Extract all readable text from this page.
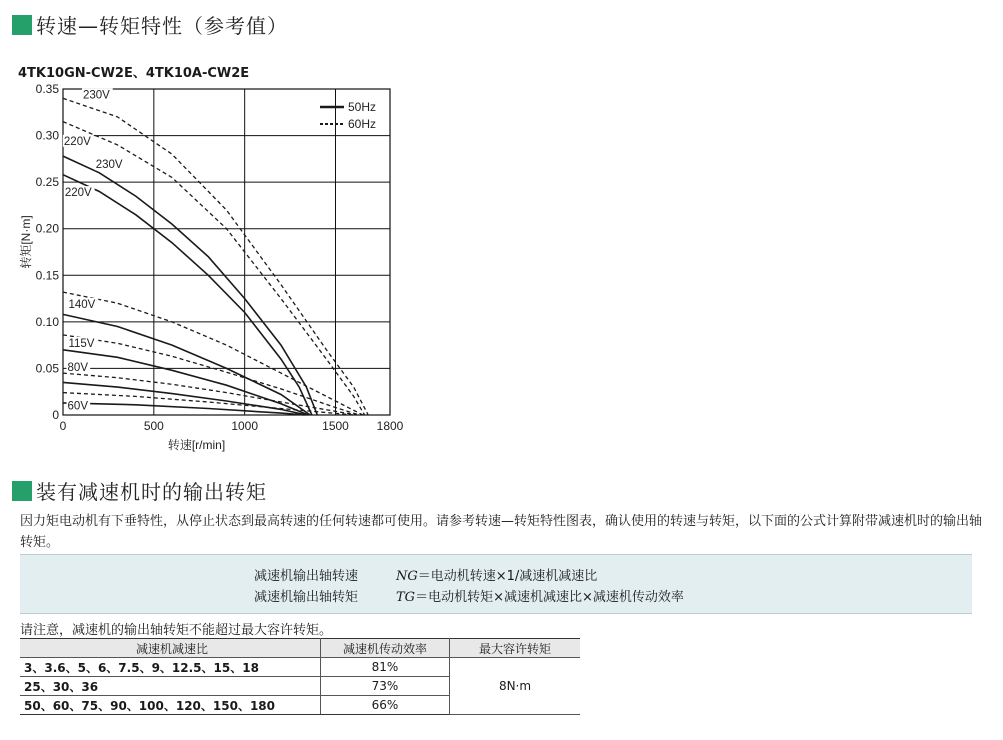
转速—转矩特性（参考值）
4TK10GN-CW2E、4TK10A-CW2E
0	500	1000	1500 1800
0
0.05
0.10
0.15
0.20
0.25
0.30
0.35
转速[r/min]
转矩[N·m]
230V
220V
230V
220V
140V
115V
80V
60V
50Hz
60Hz
装有减速机时的输出转矩
因力矩电动机有下垂特性，从停止状态到最高转速的任何转速都可使用。请参考转速—转矩特性图表，确认使用的转速与转矩，以下面的公式计算附带减速机时的输出轴转矩。
减速机输出轴转速	NG＝电动机转速×1/减速机减速比
减速机输出轴转矩	TG＝电动机转矩×减速机减速比×减速机传动效率
请注意，减速机的输出轴转矩不能超过最大容许转矩。
减速机减速比	减速机传动效率	最大容许转矩
3、3.6、5、6、7.5、9、12.5、15、18	81%	8N·m
25、30、36	73%	
50、60、75、90、100、120、150、180	66%	
